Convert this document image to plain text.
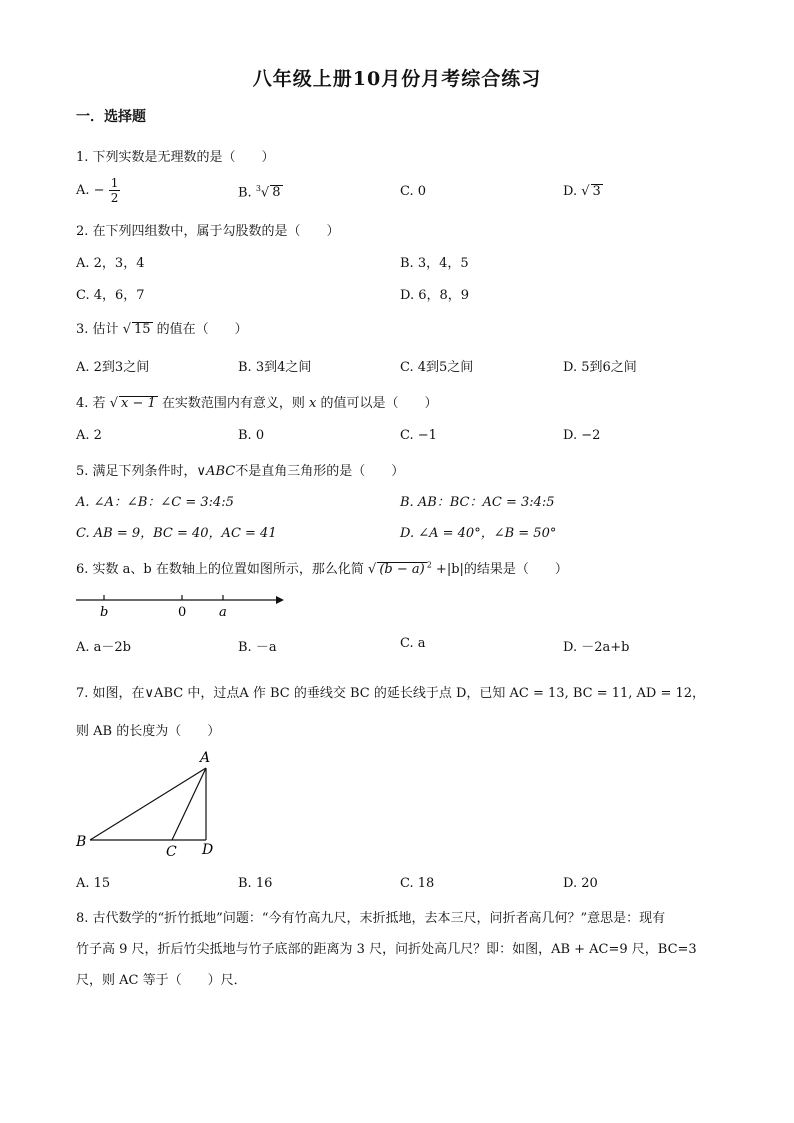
八年级上册10月份月考综合练习
一．选择题
1. 下列实数是无理数的是（　　）
A. − $\frac{1}{2}$	B. $^3$√ 8	C. 0	D. √ 3
2. 在下列四组数中，属于勾股数的是（　　）
A. 2，3，4	B. 3，4，5
C. 4，6，7	D. 6，8，9
3. 估计 √ 15 的值在（　　）
A. 2到3之间	B. 3到4之间	C. 4到5之间	D. 5到6之间
4. 若 √ x − 1 在实数范围内有意义，则 x 的值可以是（　　）
A. 2	B. 0	C. −1	D. −2
5. 满足下列条件时，∨ABC不是直角三角形的是（　　）
A. ∠A：∠B：∠C = 3:4:5	B. AB：BC：AC = 3:4:5
C. AB = 9，BC = 40，AC = 41	D. ∠A = 40°，∠B = 50°
6. 实数 a、b 在数轴上的位置如图所示，那么化简 √ (b − a) $^2$ +|b|的结果是（　　）
b	0	a
A. a－2b	B. －a	C. a	D. －2a+b
7. 如图，在∨ABC 中，过点A 作 BC 的垂线交 BC 的延长线于点 D，已知 AC = 13, BC = 11, AD = 12，
则 AB 的长度为（　　）
A
B
C D
A. 15	B. 16	C. 18	D. 20
8. 古代数学的“折竹抵地”问题：“今有竹高九尺，末折抵地，去本三尺，问折者高几何？”意思是：现有
竹子高 9 尺，折后竹尖抵地与竹子底部的距离为 3 尺，问折处高几尺？即：如图，AB + AC=9 尺，BC=3
尺，则 AC 等于（　　）尺．
